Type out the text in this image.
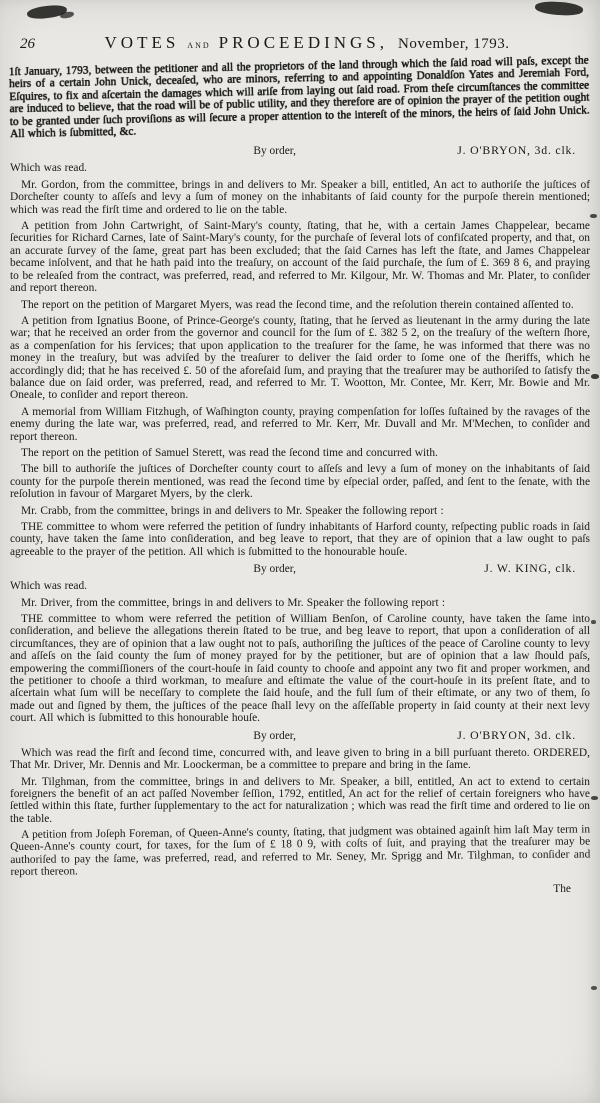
26	VOTES and PROCEEDINGS, November, 1793.

1ſt January, 1793, between the petitioner and all the proprietors of the land through which the ſaid road will paſs, except the heirs of a certain John Unick, deceaſed, who are minors, referring to and appointing Donaldſon Yates and Jeremiah Ford, Eſquires, to fix and aſcertain the damages which will ariſe from laying out ſaid road. From theſe circumſtances the committee are induced to believe, that the road will be of public utility, and they therefore are of opinion the prayer of the petition ought to be granted under ſuch proviſions as will ſecure a proper attention to the intereſt of the minors, the heirs of ſaid John Unick. All which is ſubmitted, &c.

By order,	J. O'BRYON, 3d. clk.

Which was read.

Mr. Gordon, from the committee, brings in and delivers to Mr. Speaker a bill, entitled, An act to authoriſe the juſtices of Dorcheſter county to aſſeſs and levy a ſum of money on the inhabitants of ſaid county for the purpoſe therein mentioned; which was read the firſt time and ordered to lie on the table.

A petition from John Cartwright, of Saint-Mary's county, ſtating, that he, with a certain James Chappelear, became ſecurities for Richard Carnes, late of Saint-Mary's county, for the purchaſe of ſeveral lots of confiſcated property, and that, on an accurate ſurvey of the ſame, great part has been excluded; that the ſaid Carnes has left the ſtate, and James Chappelear became inſolvent, and that he hath paid into the treaſury, on account of the ſaid purchaſe, the ſum of £. 369 8 6, and praying to be releaſed from the contract, was preferred, read, and referred to Mr. Kilgour, Mr. W. Thomas and Mr. Plater, to conſider and report thereon.

The report on the petition of Margaret Myers, was read the ſecond time, and the reſolution therein contained aſſented to.

A petition from Ignatius Boone, of Prince-George's county, ſtating, that he ſerved as lieutenant in the army during the late war; that he received an order from the governor and council for the ſum of £. 382 5 2, on the treaſury of the weſtern ſhore, as a compenſation for his ſervices; that upon application to the treaſurer for the ſame, he was informed that there was no money in the treaſury, but was adviſed by the treaſurer to deliver the ſaid order to ſome one of the ſheriffs, which he accordingly did; that he has received £. 50 of the aforeſaid ſum, and praying that the treaſurer may be authoriſed to ſatisfy the balance due on ſaid order, was preferred, read, and referred to Mr. T. Wootton, Mr. Contee, Mr. Kerr, Mr. Bowie and Mr. Oneale, to conſider and report thereon.

A memorial from William Fitzhugh, of Waſhington county, praying compenſation for loſſes ſuſtained by the ravages of the enemy during the late war, was preferred, read, and referred to Mr. Kerr, Mr. Duvall and Mr. M'Mechen, to conſider and report thereon.

The report on the petition of Samuel Sterett, was read the ſecond time and concurred with.

The bill to authoriſe the juſtices of Dorcheſter county court to aſſeſs and levy a ſum of money on the inhabitants of ſaid county for the purpoſe therein mentioned, was read the ſecond time by eſpecial order, paſſed, and ſent to the ſenate, with the reſolution in favour of Margaret Myers, by the clerk.

Mr. Crabb, from the committee, brings in and delivers to Mr. Speaker the following report :

THE committee to whom were referred the petition of ſundry inhabitants of Harford county, reſpecting public roads in ſaid county, have taken the ſame into conſideration, and beg leave to report, that they are of opinion that a law ought to paſs agreeable to the prayer of the petition. All which is ſubmitted to the honourable houſe.

By order,	J. W. KING, clk.

Which was read.

Mr. Driver, from the committee, brings in and delivers to Mr. Speaker the following report :

THE committee to whom were referred the petition of William Benſon, of Caroline county, have taken the ſame into conſideration, and believe the allegations therein ſtated to be true, and beg leave to report, that upon a conſideration of all circumſtances, they are of opinion that a law ought not to paſs, authoriſing the juſtices of the peace of Caroline county to levy and aſſeſs on the ſaid county the ſum of money prayed for by the petitioner, but are of opinion that a law ſhould paſs, empowering the commiſſioners of the court-houſe in ſaid county to chooſe and appoint any two fit and proper workmen, and the petitioner to chooſe a third workman, to meaſure and eſtimate the value of the court-houſe in its preſent ſtate, and to aſcertain what ſum will be neceſſary to complete the ſaid houſe, and the full ſum of their eſtimate, or any two of them, ſo made out and ſigned by them, the juſtices of the peace ſhall levy on the aſſeſſable property in ſaid county at their next levy court. All which is ſubmitted to this honourable houſe.

By order,	J. O'BRYON, 3d. clk.

Which was read the firſt and ſecond time, concurred with, and leave given to bring in a bill purſuant thereto. ORDERED, That Mr. Driver, Mr. Dennis and Mr. Loockerman, be a committee to prepare and bring in the ſame.

Mr. Tilghman, from the committee, brings in and delivers to Mr. Speaker, a bill, entitled, An act to extend to certain foreigners the benefit of an act paſſed November ſeſſion, 1792, entitled, An act for the relief of certain foreigners who have ſettled within this ſtate, further ſupplementary to the act for naturalization ; which was read the firſt time and ordered to lie on the table.

A petition from Joſeph Foreman, of Queen-Anne's county, ſtating, that judgment was obtained againſt him laſt May term in Queen-Anne's county court, for taxes, for the ſum of £ 18 0 9, with coſts of ſuit, and praying that the treaſurer may be authoriſed to pay the ſame, was preferred, read, and referred to Mr. Seney, Mr. Sprigg and Mr. Tilghman, to conſider and report thereon.

The
